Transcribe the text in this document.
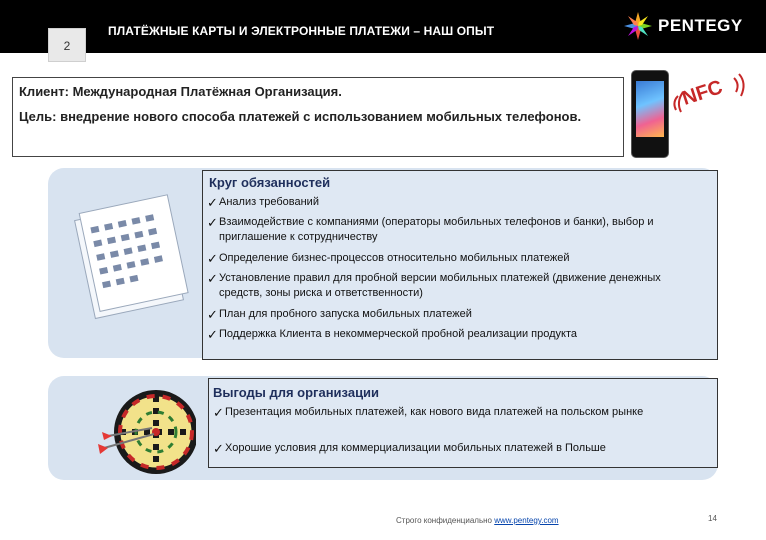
2
ПЛАТЁЖНЫЕ КАРТЫ И ЭЛЕКТРОННЫЕ ПЛАТЕЖИ – НАШ ОПЫТ	PENTEGY
Клиент: Международная Платёжная Организация.
Цель: внедрение нового способа платежей с использованием мобильных телефонов.
NFC
Круг обязанностей
✓ Анализ требований
✓ Взаимодействие с компаниями (операторы мобильных телефонов и банки), выбор и приглашение к сотрудничеству
✓ Определение бизнес-процессов относительно мобильных платежей
✓ Установление правил для пробной версии мобильных платежей (движение денежных средств, зоны риска и ответственности)
✓ План для пробного запуска мобильных платежей
✓ Поддержка Клиента в некоммерческой пробной реализации продукта
Выгоды для организации
✓ Презентация мобильных платежей, как нового вида платежей на польском рынке
✓ Хорошие условия для коммерциализации мобильных платежей в Польше
Строго конфиденциально www.pentegy.com	14
